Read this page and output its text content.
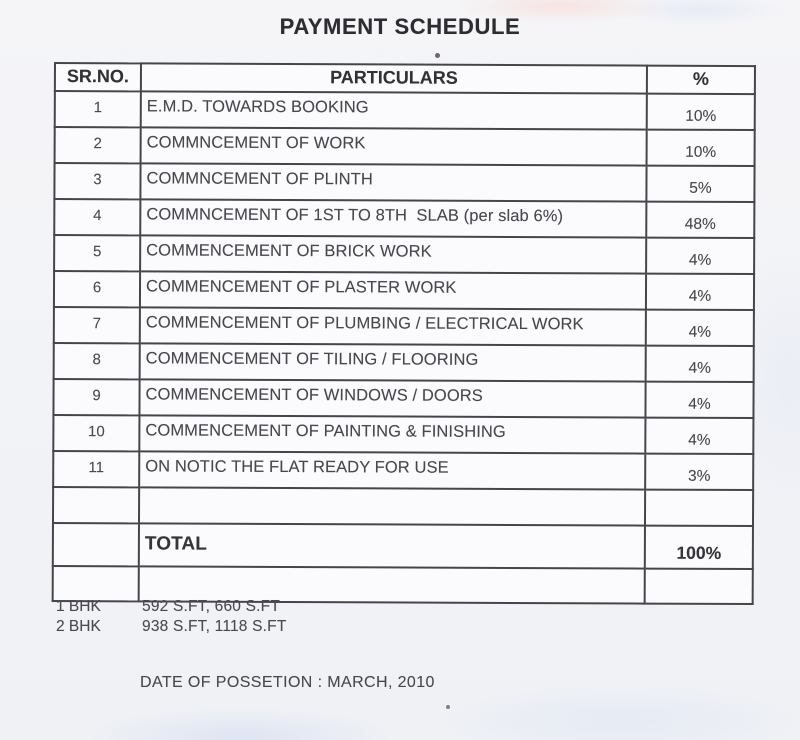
PAYMENT SCHEDULE
SR.NO.	PARTICULARS	%
1	E.M.D. TOWARDS BOOKING	10%
2	COMMNCEMENT OF WORK	10%
3	COMMNCEMENT OF PLINTH	5%
4	COMMNCEMENT OF 1ST TO 8TH  SLAB (per slab 6%)	48%
5	COMMENCEMENT OF BRICK WORK	4%
6	COMMENCEMENT OF PLASTER WORK	4%
7	COMMENCEMENT OF PLUMBING / ELECTRICAL WORK	4%
8	COMMENCEMENT OF TILING / FLOORING	4%
9	COMMENCEMENT OF WINDOWS / DOORS	4%
10	COMMENCEMENT OF PAINTING & FINISHING	4%
11	ON NOTIC THE FLAT READY FOR USE	3%

	TOTAL	100%

1 BHK	592 S.FT, 660 S.FT
2 BHK	938 S.FT, 1118 S.FT
DATE OF POSSETION : MARCH, 2010
